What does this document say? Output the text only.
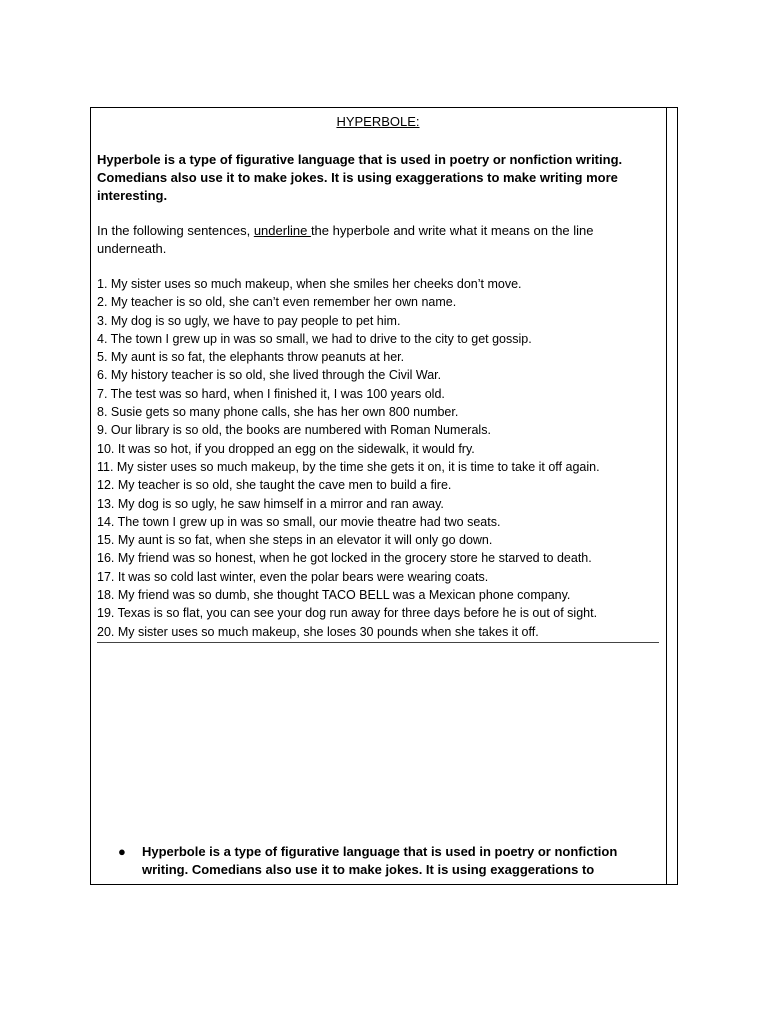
HYPERBOLE:

Hyperbole is a type of figurative language that is used in poetry or nonfiction writing. Comedians also use it to make jokes. It is using exaggerations to make writing more interesting.

In the following sentences, underline the hyperbole and write what it means on the line underneath.

1. My sister uses so much makeup, when she smiles her cheeks don’t move.
2. My teacher is so old, she can’t even remember her own name.
3. My dog is so ugly, we have to pay people to pet him.
4. The town I grew up in was so small, we had to drive to the city to get gossip.
5. My aunt is so fat, the elephants throw peanuts at her.
6. My history teacher is so old, she lived through the Civil War.
7. The test was so hard, when I finished it, I was 100 years old.
8. Susie gets so many phone calls, she has her own 800 number.
9. Our library is so old, the books are numbered with Roman Numerals.
10. It was so hot, if you dropped an egg on the sidewalk, it would fry.
11. My sister uses so much makeup, by the time she gets it on, it is time to take it off again.
12. My teacher is so old, she taught the cave men to build a fire.
13. My dog is so ugly, he saw himself in a mirror and ran away.
14. The town I grew up in was so small, our movie theatre had two seats.
15. My aunt is so fat, when she steps in an elevator it will only go down.
16. My friend was so honest, when he got locked in the grocery store he starved to death.
17. It was so cold last winter, even the polar bears were wearing coats.
18. My friend was so dumb, she thought TACO BELL was a Mexican phone company.
19. Texas is so flat, you can see your dog run away for three days before he is out of sight.
20. My sister uses so much makeup, she loses 30 pounds when she takes it off.
●	Hyperbole is a type of figurative language that is used in poetry or nonfiction writing. Comedians also use it to make jokes. It is using exaggerations to
